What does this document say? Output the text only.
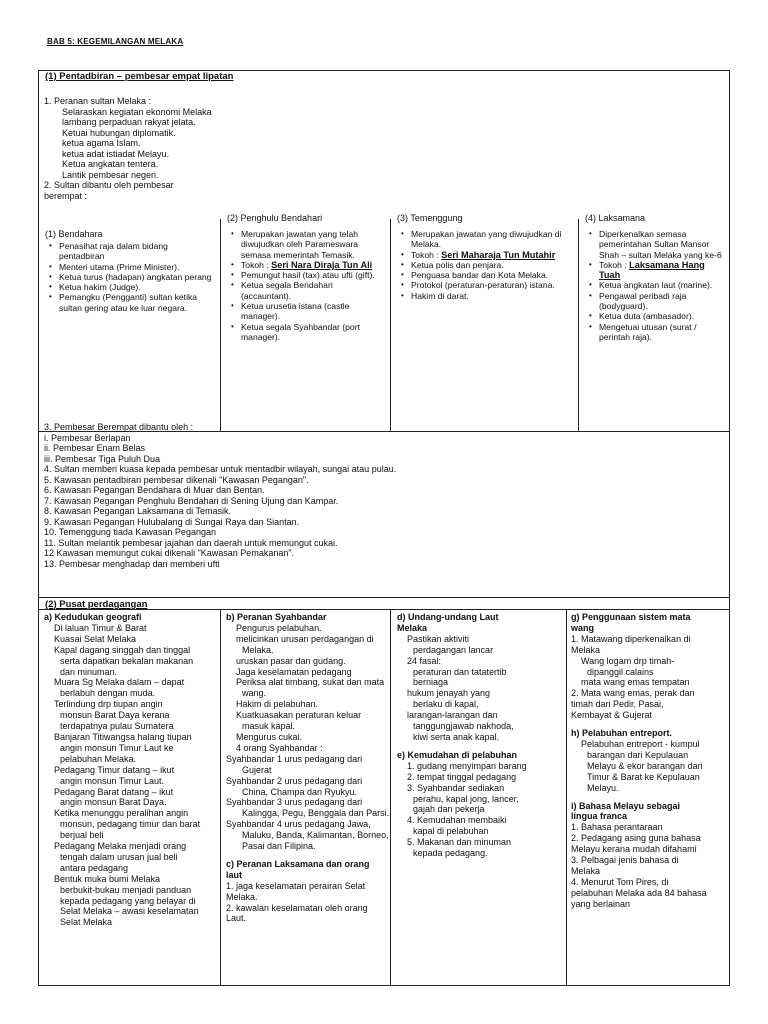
BAB 5: KEGEMILANGAN MELAKA
(1) Pentadbiran – pembesar empat lipatan
1. Peranan sultan Melaka :
Selaraskan kegiatan ekonomi Melaka
lambang perpaduan rakyat jelata.
Ketuai hubungan diplomatik.
ketua agama Islam.
ketua adat istiadat Melayu.
Ketua angkatan tentera.
Lantik pembesar negeri.
2. Sultan dibantu oleh pembesar
berempat :
(1) Bendahara
• Penasihat raja dalam bidang pentadbiran
• Menteri utama (Prime Minister).
• Ketua turus (hadapan) angkatan perang
• Ketua hakim (Judge).
• Pemangku (Pengganti) sultan ketika sultan gering atau ke luar negara.
(2) Penghulu Bendahari
• Merupakan jawatan yang telah diwujudkan oleh Parameswara semasa memerintah Temasik.
• Tokoh : Seri Nara Diraja Tun Ali
• Pemungut hasil (tax) atau ufti (gift).
• Ketua segala Bendahari (accauntant).
• Ketua urusetia istana (castle manager).
• Ketua segala Syahbandar (port manager).
(3) Temenggung
• Merupakan jawatan yang diwujudkan di Melaka.
• Tokoh : Seri Maharaja Tun Mutahir
• Ketua polis dan penjara.
• Penguasa bandar dan Kota Melaka.
• Protokol (peraturan-peraturan) istana.
• Hakim di darat.
(4) Laksamana
• Diperkenalkan semasa pemerintahan Sultan Mansor Shah – sultan Melaka yang ke-6
• Tokoh : Laksamana Hang Tuah
• Ketua angkatan laut (marine).
• Pengawal peribadi raja (bodyguard).
• Ketua duta (ambasador).
• Mengetuai utusan (surat / perintah raja).
3. Pembesar Berempat dibantu oleh :
i. Pembesar Berlapan
ii. Pembesar Enam Belas
iii. Pembesar Tiga Puluh Dua
4. Sultan memberi kuasa kepada pembesar untuk mentadbir wilayah, sungai atau pulau.
5. Kawasan pentadbiran pembesar dikenali "Kawasan Pegangan".
6. Kawasan Pegangan Bendahara di Muar dan Bentan.
7. Kawasan Pegangan Penghulu Bendahari di Sening Ujung dan Kampar.
8. Kawasan Pegangan Laksamana di Temasik.
9. Kawasan Pegangan Hulubalang di Sungai Raya dan Siantan.
10. Temenggung tiada Kawasan Pegangan
11. Sultan melantik pembesar jajahan dan daerah untuk memungut cukai.
12 Kawasan memungut cukai dikenali "Kawasan Pemakanan".
13. Pembesar menghadap dan memberi ufti
(2) Pusat perdagangan
a) Kedudukan geografi
Di laluan Timur & Barat
Kuasai Selat Melaka
Kapal dagang singgah dan tinggal
serta dapatkan bekalan makanan
dan minuman.
Muara Sg Melaka dalam – dapat
berlabuh dengan muda.
Terlindung drp tiupan angin
monsun Barat Daya kerana
terdapatnya pulau Sumatera
Banjaran Titiwangsa halang tiupan
angin monsun Timur Laut ke
pelabuhan Melaka.
Pedagang Timur datang – ikut
angin monsun Timur Laut.
Pedagang Barat datang – ikut
angin monsun Barat Daya.
Ketika menunggu peralihan angin
monsun, pedagang timur dan barat
berjual beli
Pedagang Melaka menjadi orang
tengah dalam urusan jual beli
antara pedagang
Bentuk muka bumi Melaka
berbukit-bukau menjadi panduan
kepada pedagang yang belayar di
Selat Melaka – awasi keselamatan
Selat Melaka
b) Peranan Syahbandar
Pengurus pelabuhan.
melicinkan urusan perdagangan di
Melaka.
uruskan pasar dan gudang.
Jaga keselamatan pedagang
Periksa alat timbang, sukat dan mata
wang.
Hakim di pelabuhan.
Kuatkuasakan peraturan keluar
masuk kapal.
Mengurus cukai.
4 orang Syahbandar :
Syahbandar 1 urus pedagang dari
Gujerat
Syahbandar 2 urus pedagang dari
China, Champa dan Ryukyu.
Syahbandar 3 urus pedagang dari
Kalingga, Pegu, Benggala dan Parsi.
Syahbandar 4 urus pedagang Jawa,
Maluku, Banda, Kalimantan, Borneo,
Pasai dan Filipina.
c) Peranan Laksamana dan orang
laut
1. jaga keselamatan perairan Selat
Melaka.
2. kawalan keselamatan oleh orang
Laut.
d) Undang-undang Laut
Melaka
Pastikan aktiviti
perdagangan lancar
24 fasal:
peraturan dan tatatertib
berniaga
hukum jenayah yang
berlaku di kapal,
larangan-larangan dan
tanggungjawab nakhoda,
kiwi serta anak kapal.
e) Kemudahan di pelabuhan
1. gudang menyimpan barang
2. tempat tinggal pedagang
3. Syahbandar sediakan
perahu, kapal jong, lancer,
gajah dan pekerja
4. Kemudahan membaiki
kapal di pelabuhan
5. Makanan dan minuman
kepada pedagang.
g) Penggunaan sistem mata
wang
1. Matawang diperkenalkan di
Melaka
Wang logam drp timah-
dipanggil calains
mata wang emas tempatan
2. Mata wang emas, perak dan
timah dari Pedir, Pasai,
Kembayat & Gujerat
h) Pelabuhan entreport.
Pelabuhan entreport - kumpul
barangan dari Kepulauan
Melayu & ekor barangan dari
Timur & Barat ke Kepulauan
Melayu.
i) Bahasa Melayu sebagai
lingua franca
1. Bahasa perantaraan
2. Pedagang asing guna bahasa
Melayu kerana mudah difahami
3. Pelbagai jenis bahasa di
Melaka
4. Menurut Tom Pires, di
pelabuhan Melaka ada 84 bahasa
yang berlainan
